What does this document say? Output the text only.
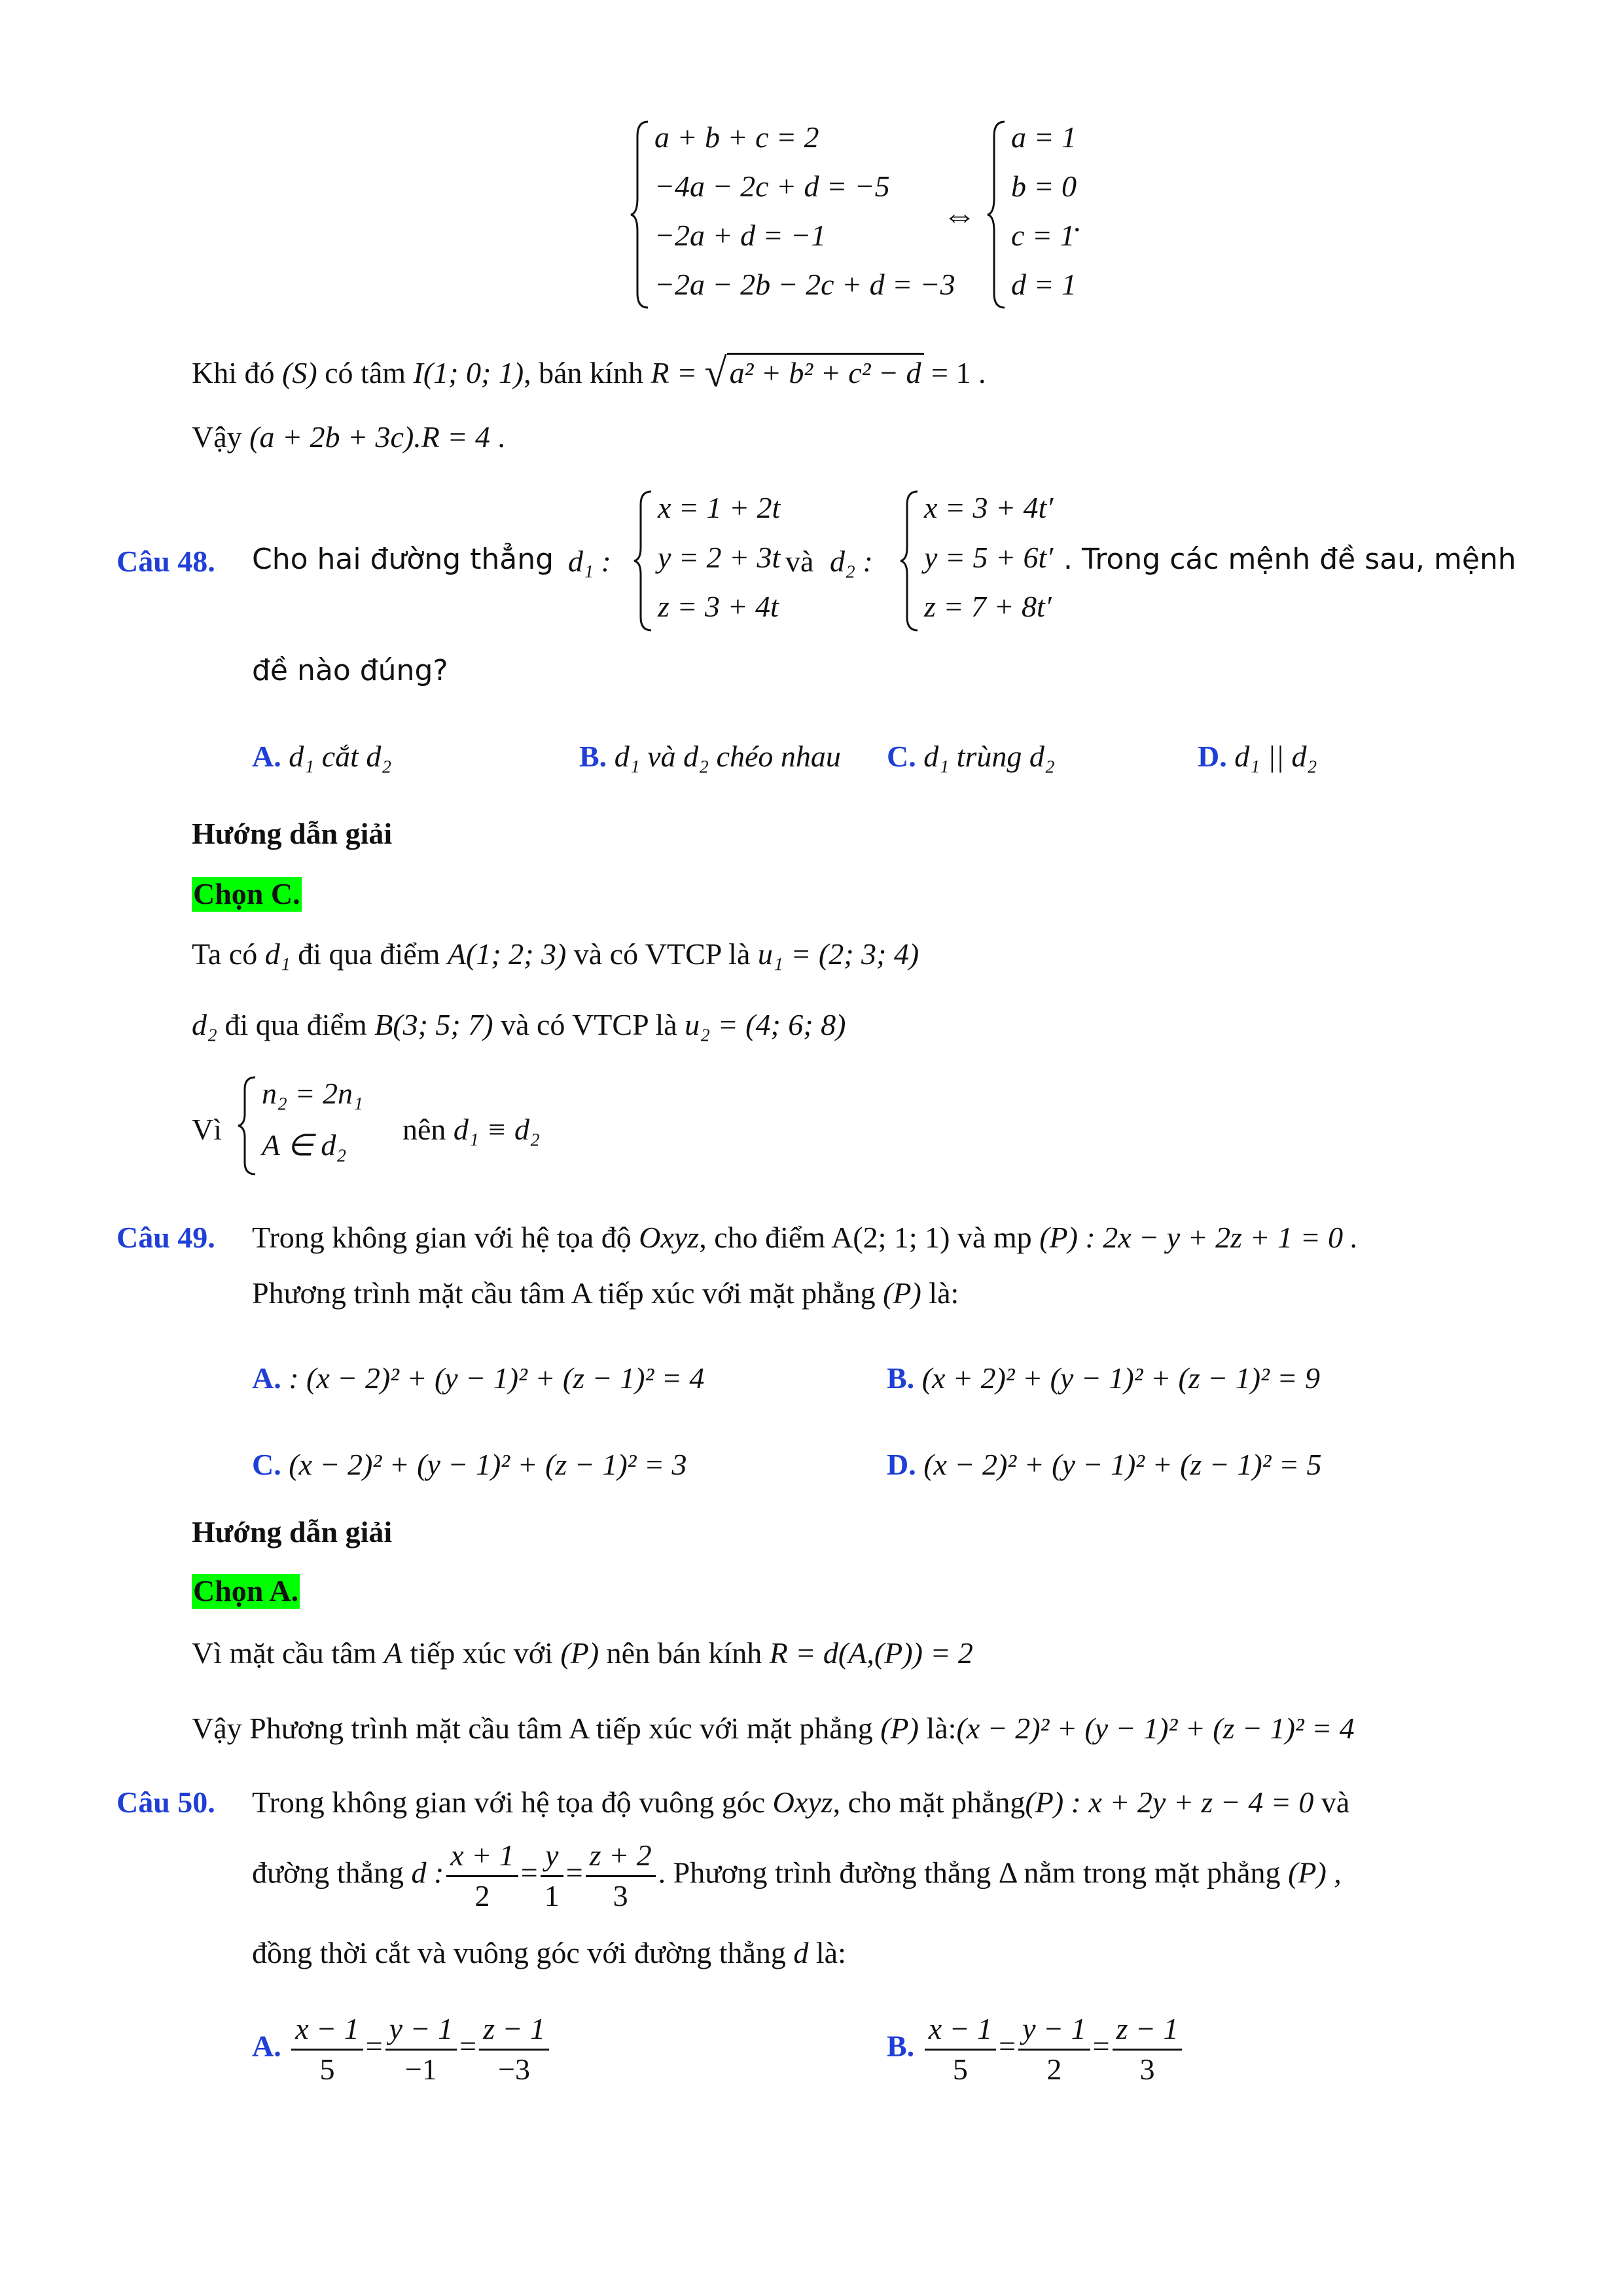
a + b + c = 2
−4a − 2c + d = −5
−2a + d = −1
−2a − 2b − 2c + d = −3
⇔
a = 1
b = 0
c = 1
d = 1
.
Khi đó (S) có tâm I(1; 0; 1), bán kính R = √a² + b² + c² − d = 1 .
Vậy (a + 2b + 3c).R = 4 .
Câu 48. Cho hai đường thẳng d₁ :
x = 1 + 2t
y = 2 + 3t
z = 3 + 4t
và d₂ :
x = 3 + 4t′
y = 5 + 6t′
z = 7 + 8t′
. Trong các mệnh đề sau, mệnh
đề nào đúng?
A. d₁ cắt d₂	B. d₁ và d₂ chéo nhau C. d₁ trùng d₂	D. d₁ || d₂
Hướng dẫn giải
Chọn C.
Ta có d₁ đi qua điểm A(1; 2; 3) và có VTCP là u₁ = (2; 3; 4)
d₂ đi qua điểm B(3; 5; 7) và có VTCP là u₂ = (4; 6; 8)
Vì
n₂ = 2n₁
A ∈ d₂ nên d₁ ≡ d₂
Câu 49. Trong không gian với hệ tọa độ Oxyz, cho điểm A(2; 1; 1) và mp (P) : 2x − y + 2z + 1 = 0 .
Phương trình mặt cầu tâm A tiếp xúc với mặt phẳng (P) là:
A. : (x − 2)² + (y − 1)² + (z − 1)² = 4	B. (x + 2)² + (y − 1)² + (z − 1)² = 9
C. (x − 2)² + (y − 1)² + (z − 1)² = 3	D. (x − 2)² + (y − 1)² + (z − 1)² = 5
Hướng dẫn giải
Chọn A.
Vì mặt cầu tâm A tiếp xúc với (P) nên bán kính R = d(A,(P)) = 2
Vậy Phương trình mặt cầu tâm A tiếp xúc với mặt phẳng (P) là:(x − 2)² + (y − 1)² + (z − 1)² = 4
Câu 50. Trong không gian với hệ tọa độ vuông góc Oxyz, cho mặt phẳng(P) : x + 2y + z − 4 = 0 và
đường thẳng d : $\frac{x + 1}{2} = \frac{y}{1} = \frac{z + 2}{3}$ . Phương trình đường thẳng Δ nằm trong mặt phẳng (P) ,
đồng thời cắt và vuông góc với đường thẳng d là:
A. $\frac{x - 1}{5} = \frac{y - 1}{-1} = \frac{z - 1}{-3}$	B. $\frac{x - 1}{5} = \frac{y - 1}{2} = \frac{z - 1}{3}$
